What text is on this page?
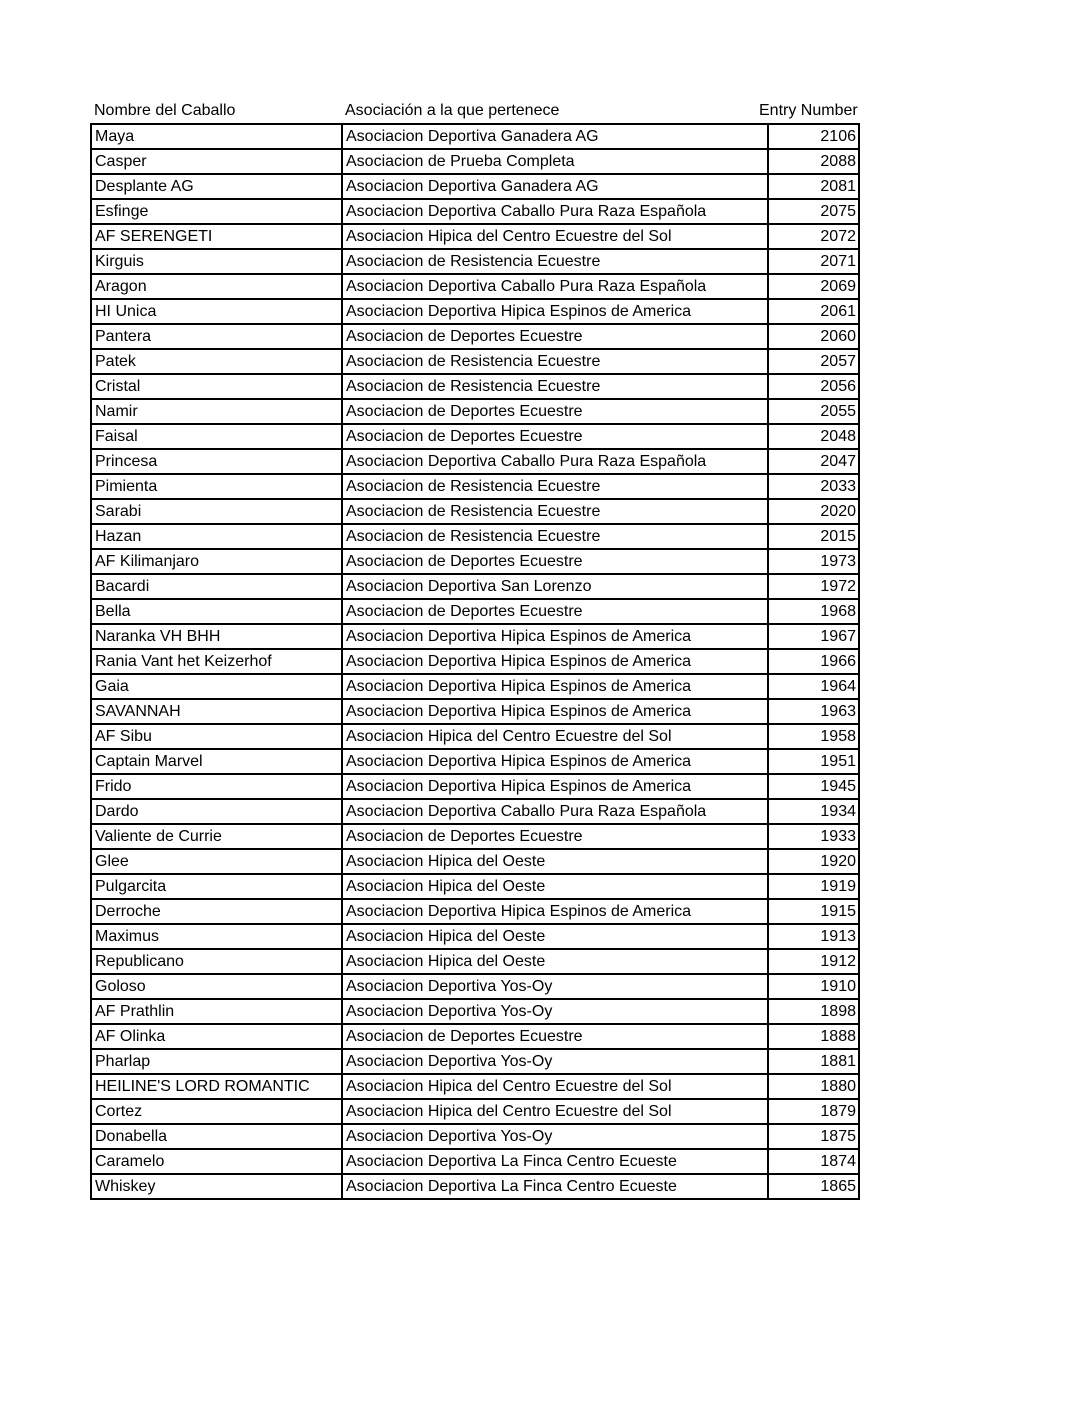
Nombre del Caballo	Asociación a la que pertenece	Entry Number
Maya	Asociacion Deportiva Ganadera AG	2106
Casper	Asociacion de Prueba Completa	2088
Desplante AG	Asociacion Deportiva Ganadera AG	2081
Esfinge	Asociacion Deportiva Caballo Pura Raza Española	2075
AF SERENGETI	Asociacion Hipica del Centro Ecuestre del Sol	2072
Kirguis	Asociacion de Resistencia Ecuestre	2071
Aragon	Asociacion Deportiva Caballo Pura Raza Española	2069
HI Unica	Asociacion Deportiva Hipica Espinos de America	2061
Pantera	Asociacion de Deportes Ecuestre	2060
Patek	Asociacion de Resistencia Ecuestre	2057
Cristal	Asociacion de Resistencia Ecuestre	2056
Namir	Asociacion de Deportes Ecuestre	2055
Faisal	Asociacion de Deportes Ecuestre	2048
Princesa	Asociacion Deportiva Caballo Pura Raza Española	2047
Pimienta	Asociacion de Resistencia Ecuestre	2033
Sarabi	Asociacion de Resistencia Ecuestre	2020
Hazan	Asociacion de Resistencia Ecuestre	2015
AF Kilimanjaro	Asociacion de Deportes Ecuestre	1973
Bacardi	Asociacion Deportiva San Lorenzo	1972
Bella	Asociacion de Deportes Ecuestre	1968
Naranka VH BHH	Asociacion Deportiva Hipica Espinos de America	1967
Rania Vant het Keizerhof	Asociacion Deportiva Hipica Espinos de America	1966
Gaia	Asociacion Deportiva Hipica Espinos de America	1964
SAVANNAH	Asociacion Deportiva Hipica Espinos de America	1963
AF Sibu	Asociacion Hipica del Centro Ecuestre del Sol	1958
Captain Marvel	Asociacion Deportiva Hipica Espinos de America	1951
Frido	Asociacion Deportiva Hipica Espinos de America	1945
Dardo	Asociacion Deportiva Caballo Pura Raza Española	1934
Valiente de Currie	Asociacion de Deportes Ecuestre	1933
Glee	Asociacion Hipica del Oeste	1920
Pulgarcita	Asociacion Hipica del Oeste	1919
Derroche	Asociacion Deportiva Hipica Espinos de America	1915
Maximus	Asociacion Hipica del Oeste	1913
Republicano	Asociacion Hipica del Oeste	1912
Goloso	Asociacion Deportiva Yos-Oy	1910
AF Prathlin	Asociacion Deportiva Yos-Oy	1898
AF Olinka	Asociacion de Deportes Ecuestre	1888
Pharlap	Asociacion Deportiva Yos-Oy	1881
HEILINE'S LORD ROMANTIC	Asociacion Hipica del Centro Ecuestre del Sol	1880
Cortez	Asociacion Hipica del Centro Ecuestre del Sol	1879
Donabella	Asociacion Deportiva Yos-Oy	1875
Caramelo	Asociacion Deportiva La Finca Centro Ecueste	1874
Whiskey	Asociacion Deportiva La Finca Centro Ecueste	1865
